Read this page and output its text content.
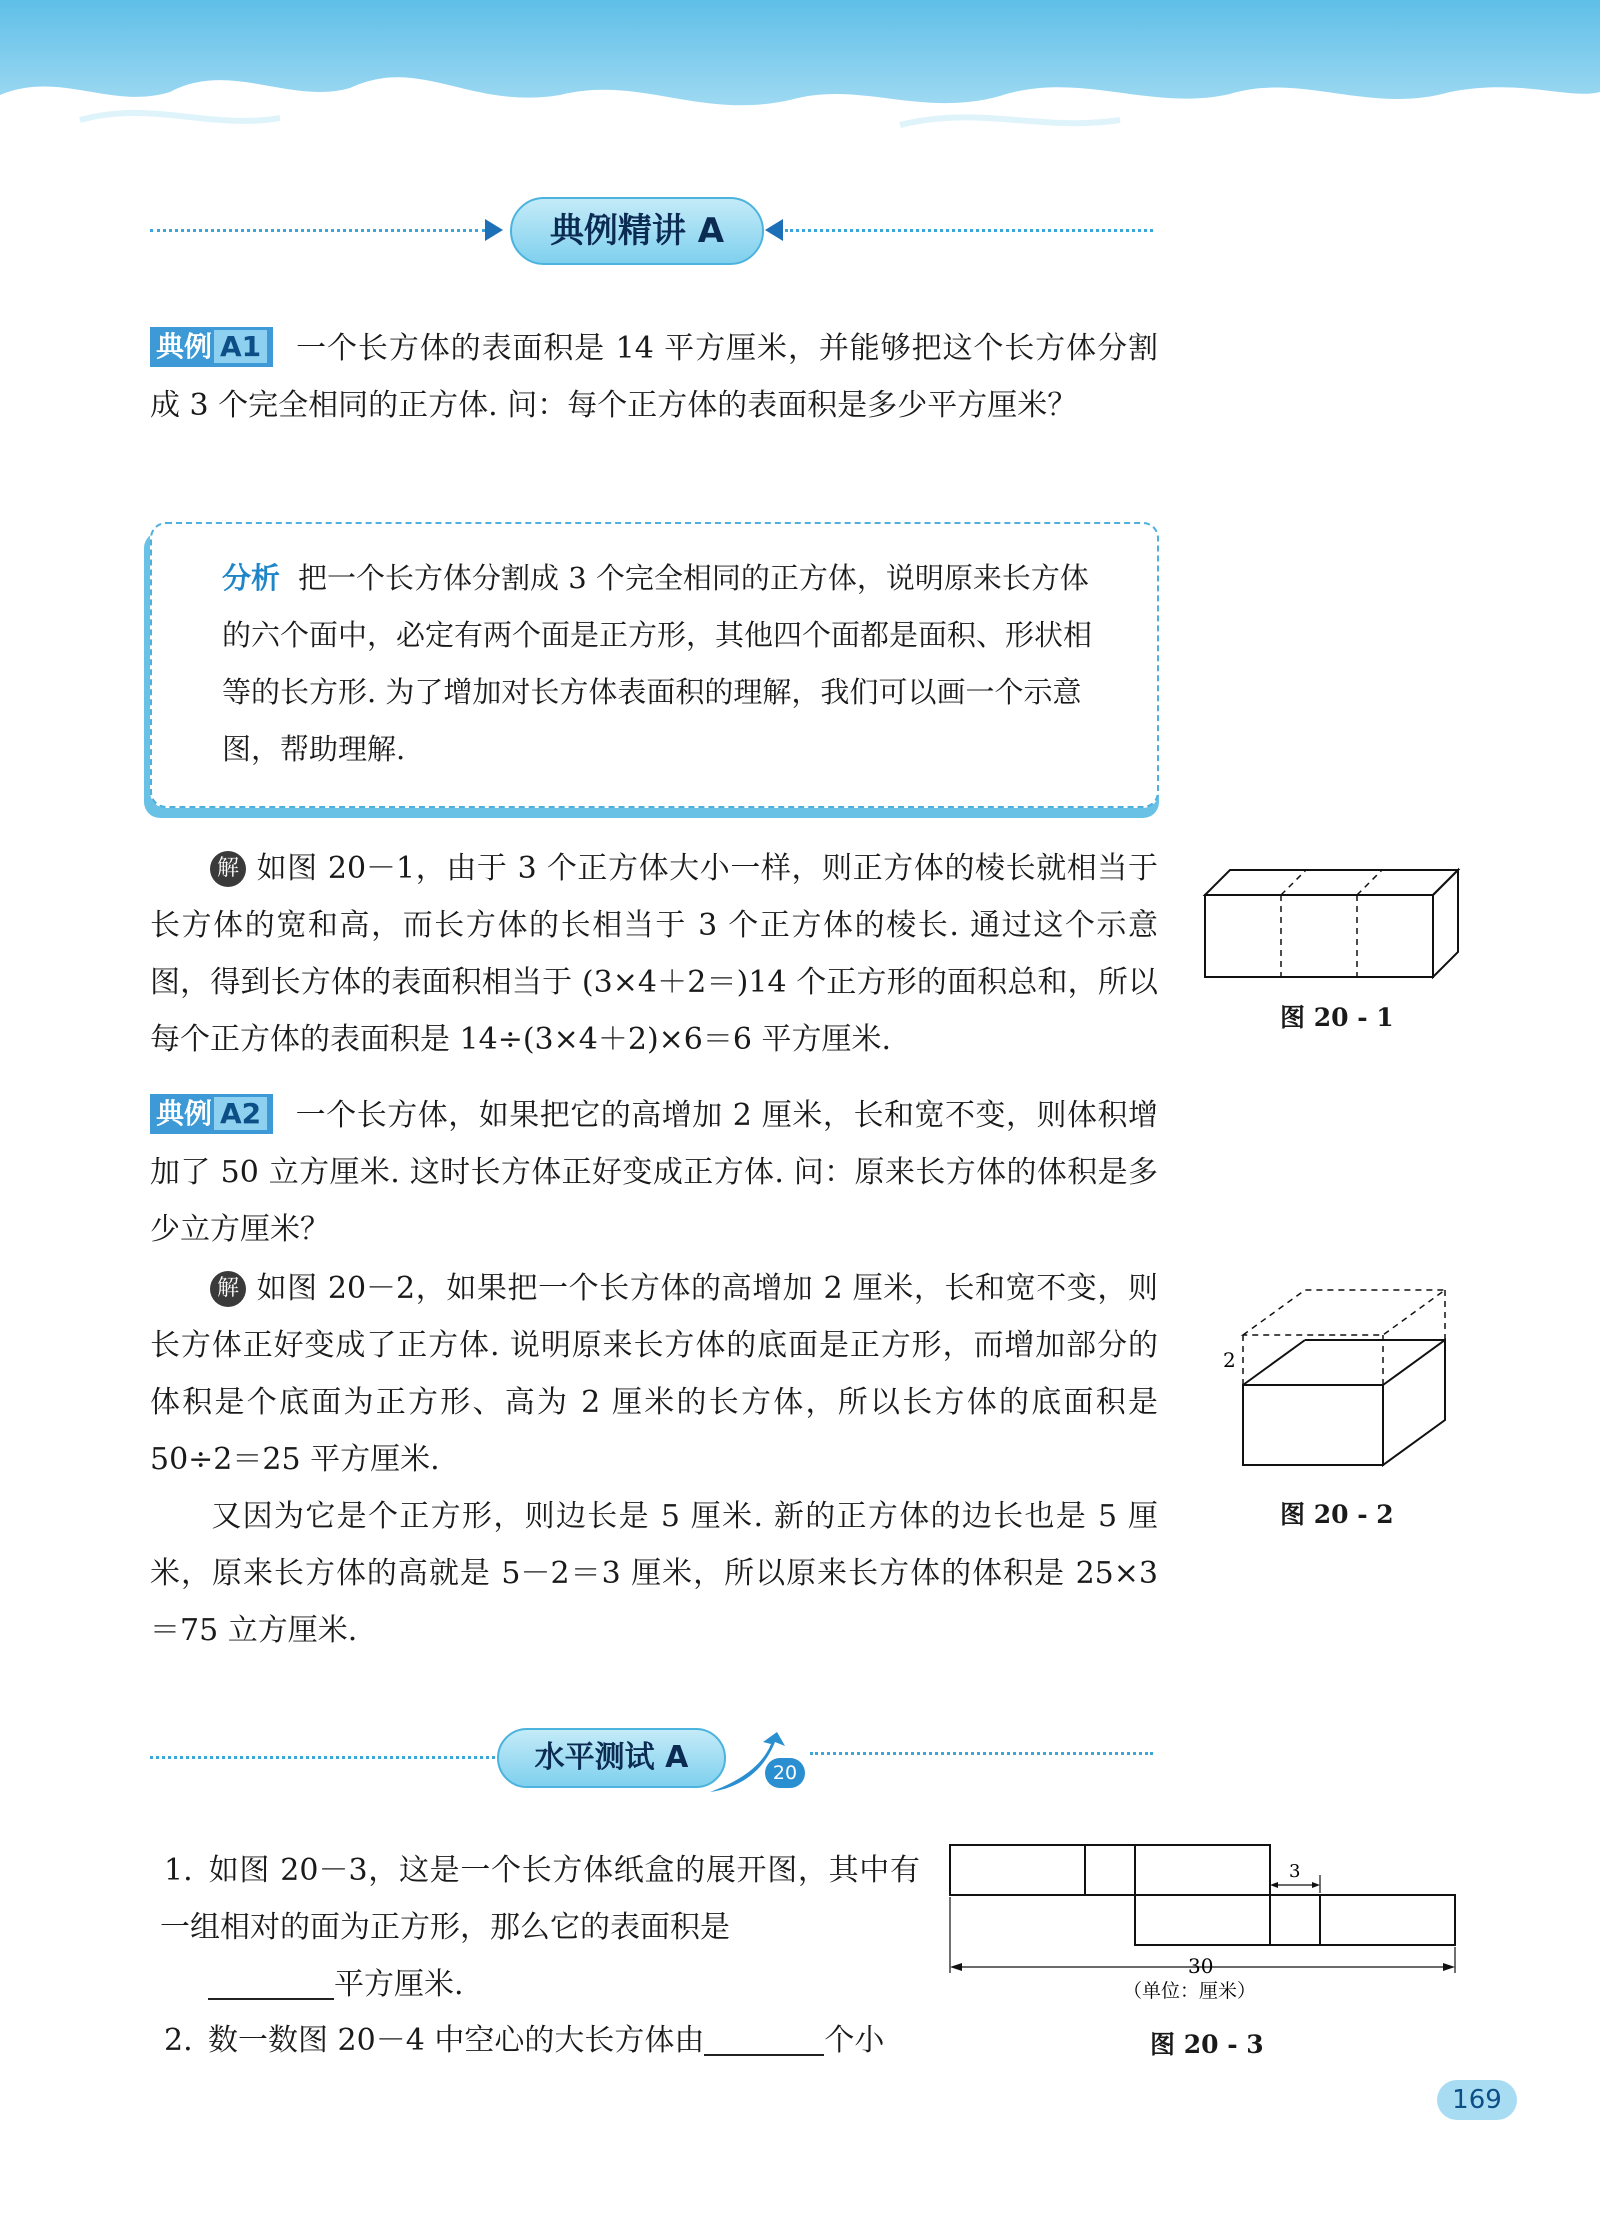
典例精讲 A
典例 A1 一个长方体的表面积是 14 平方厘米，并能够把这个长方体分割成 3 个完全相同的正方体. 问：每个正方体的表面积是多少平方厘米？
分析 把一个长方体分割成 3 个完全相同的正方体，说明原来长方体的六个面中，必定有两个面是正方形，其他四个面都是面积、形状相等的长方形. 为了增加对长方体表面积的理解，我们可以画一个示意图，帮助理解.
解 如图 20－1，由于 3 个正方体大小一样，则正方体的棱长就相当于长方体的宽和高，而长方体的长相当于 3 个正方体的棱长. 通过这个示意图，得到长方体的表面积相当于 (3×4＋2＝)14 个正方形的面积总和，所以每个正方体的表面积是 14÷(3×4＋2)×6＝6 平方厘米.
图 20 - 1
典例 A2 一个长方体，如果把它的高增加 2 厘米，长和宽不变，则体积增加了 50 立方厘米. 这时长方体正好变成正方体. 问：原来长方体的体积是多少立方厘米？
解 如图 20－2，如果把一个长方体的高增加 2 厘米，长和宽不变，则长方体正好变成了正方体. 说明原来长方体的底面是正方形，而增加部分的体积是个底面为正方形、高为 2 厘米的长方体，所以长方体的底面积是 50÷2＝25 平方厘米.
又因为它是个正方形，则边长是 5 厘米. 新的正方体的边长也是 5 厘米，原来长方体的高就是 5－2＝3 厘米，所以原来长方体的体积是 25×3＝75 立方厘米.
2
图 20 - 2
水平测试 A	20
1. 如图 20－3，这是一个长方体纸盒的展开图，其中有一组相对的面为正方形，那么它的表面积是
平方厘米.
2. 数一数图 20－4 中空心的大长方体由	个小
3
30
（单位：厘米）
图 20 - 3
169
